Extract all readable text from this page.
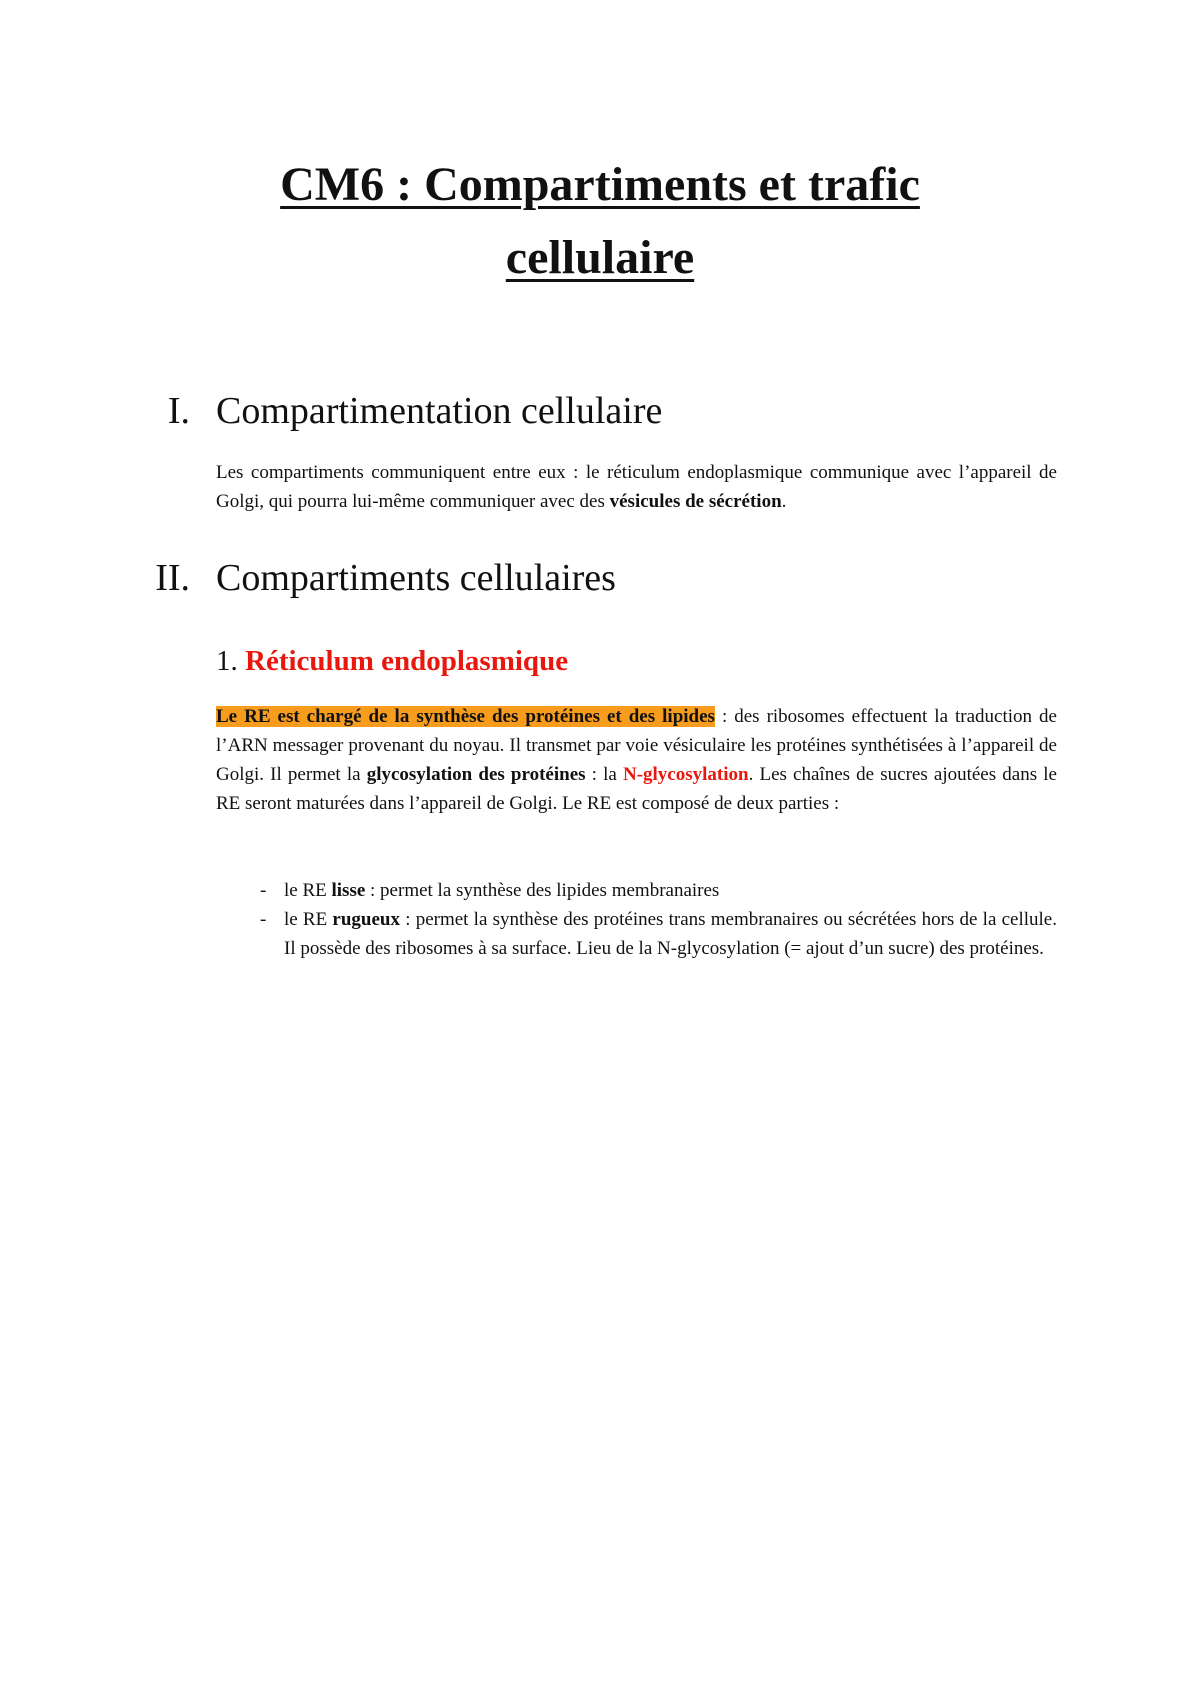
CM6 : Compartiments et trafic
cellulaire
I. Compartimentation cellulaire
Les compartiments communiquent entre eux : le réticulum endoplasmique communique avec l’appareil de Golgi, qui pourra lui-même communiquer avec des vésicules de sécrétion.
II. Compartiments cellulaires
1. Réticulum endoplasmique
Le RE est chargé de la synthèse des protéines et des lipides : des ribosomes effectuent la traduction de l’ARN messager provenant du noyau. Il transmet par voie vésiculaire les protéines synthétisées à l’appareil de Golgi. Il permet la glycosylation des protéines : la N-glycosylation. Les chaînes de sucres ajoutées dans le RE seront maturées dans l’appareil de Golgi. Le RE est composé de deux parties :
- le RE lisse : permet la synthèse des lipides membranaires
- le RE rugueux : permet la synthèse des protéines trans membranaires ou sécrétées hors de la cellule. Il possède des ribosomes à sa surface. Lieu de la N-glycosylation (= ajout d’un sucre) des protéines.
